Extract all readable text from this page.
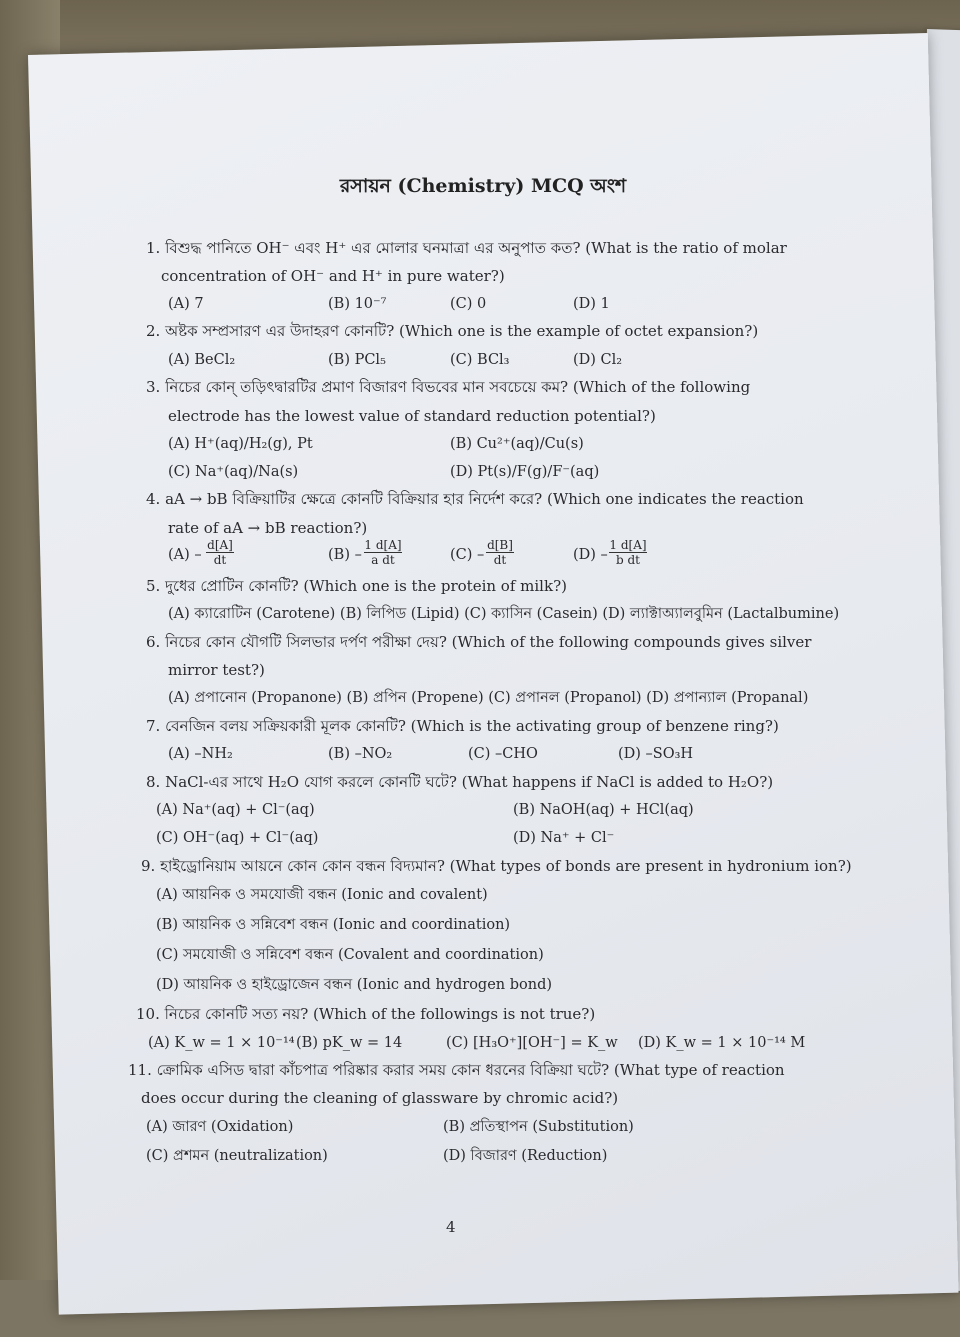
রসায়ন (Chemistry) MCQ অংশ
1. বিশুদ্ধ পানিতে OH⁻ এবং H⁺ এর মোলার ঘনমাত্রা এর অনুপাত কত? (What is the ratio of molar
concentration of OH⁻ and H⁺ in pure water?)
(A) 7	(B) 10⁻⁷	(C) 0	(D) 1
2. অষ্টক সম্প্রসারণ এর উদাহরণ কোনটি? (Which one is the example of octet expansion?)
(A) BeCl₂	(B) PCl₅	(C) BCl₃	(D) Cl₂
3. নিচের কোন্‌ তড়িৎদ্বারটির প্রমাণ বিজারণ বিভবের মান সবচেয়ে কম? (Which of the following
electrode has the lowest value of standard reduction potential?)
(A) H⁺(aq)/H₂(g), Pt	(B) Cu²⁺(aq)/Cu(s)
(C) Na⁺(aq)/Na(s)	(D) Pt(s)/F(g)/F⁻(aq)
4. aA → bB বিক্রিয়াটির ক্ষেত্রে কোনটি বিক্রিয়ার হার নির্দেশ করে? (Which one indicates the reaction
rate of aA → bB reaction?)
(A) –
d[A]
dt	(B) –
1 d[A]
a dt	(C) –
d[B]
dt	(D) –
1 d[A]
b dt
5. দুধের প্রোটিন কোনটি? (Which one is the protein of milk?)
(A) ক্যারোটিন (Carotene) (B) লিপিড (Lipid) (C) ক্যাসিন (Casein) (D) ল্যাক্টাঅ্যালবুমিন (Lactalbumine)
6. নিচের কোন যৌগটি সিলভার দর্পণ পরীক্ষা দেয়? (Which of the following compounds gives silver
mirror test?)
(A) প্রপানোন (Propanone) (B) প্রপিন (Propene) (C) প্রপানল (Propanol) (D) প্রপান্যাল (Propanal)
7. বেনজিন বলয় সক্রিয়কারী মূলক কোনটি? (Which is the activating group of benzene ring?)
(A) –NH₂	(B) –NO₂	(C) –CHO	(D) –SO₃H
8. NaCl-এর সাথে H₂O যোগ করলে কোনটি ঘটে? (What happens if NaCl is added to H₂O?)
(A) Na⁺(aq) + Cl⁻(aq)	(B) NaOH(aq) + HCl(aq)
(C) OH⁻(aq) + Cl⁻(aq)	(D) Na⁺ + Cl⁻
9. হাইড্রোনিয়াম আয়নে কোন কোন বন্ধন বিদ্যমান? (What types of bonds are present in hydronium ion?)
(A) আয়নিক ও সমযোজী বন্ধন (Ionic and covalent)
(B) আয়নিক ও সন্নিবেশ বন্ধন (Ionic and coordination)
(C) সমযোজী ও সন্নিবেশ বন্ধন (Covalent and coordination)
(D) আয়নিক ও হাইড্রোজেন বন্ধন (Ionic and hydrogen bond)
10. নিচের কোনটি সত্য নয়? (Which of the followings is not true?)
(A) K_w = 1 × 10⁻¹⁴ (B) pK_w = 14	(C) [H₃O⁺][OH⁻] = K_w (D) K_w = 1 × 10⁻¹⁴ M
11. ক্রোমিক এসিড দ্বারা কাঁচপাত্র পরিষ্কার করার সময় কোন ধরনের বিক্রিয়া ঘটে? (What type of reaction
does occur during the cleaning of glassware by chromic acid?)
(A) জারণ (Oxidation)	(B) প্রতিস্থাপন (Substitution)
(C) প্রশমন (neutralization)	(D) বিজারণ (Reduction)
4
